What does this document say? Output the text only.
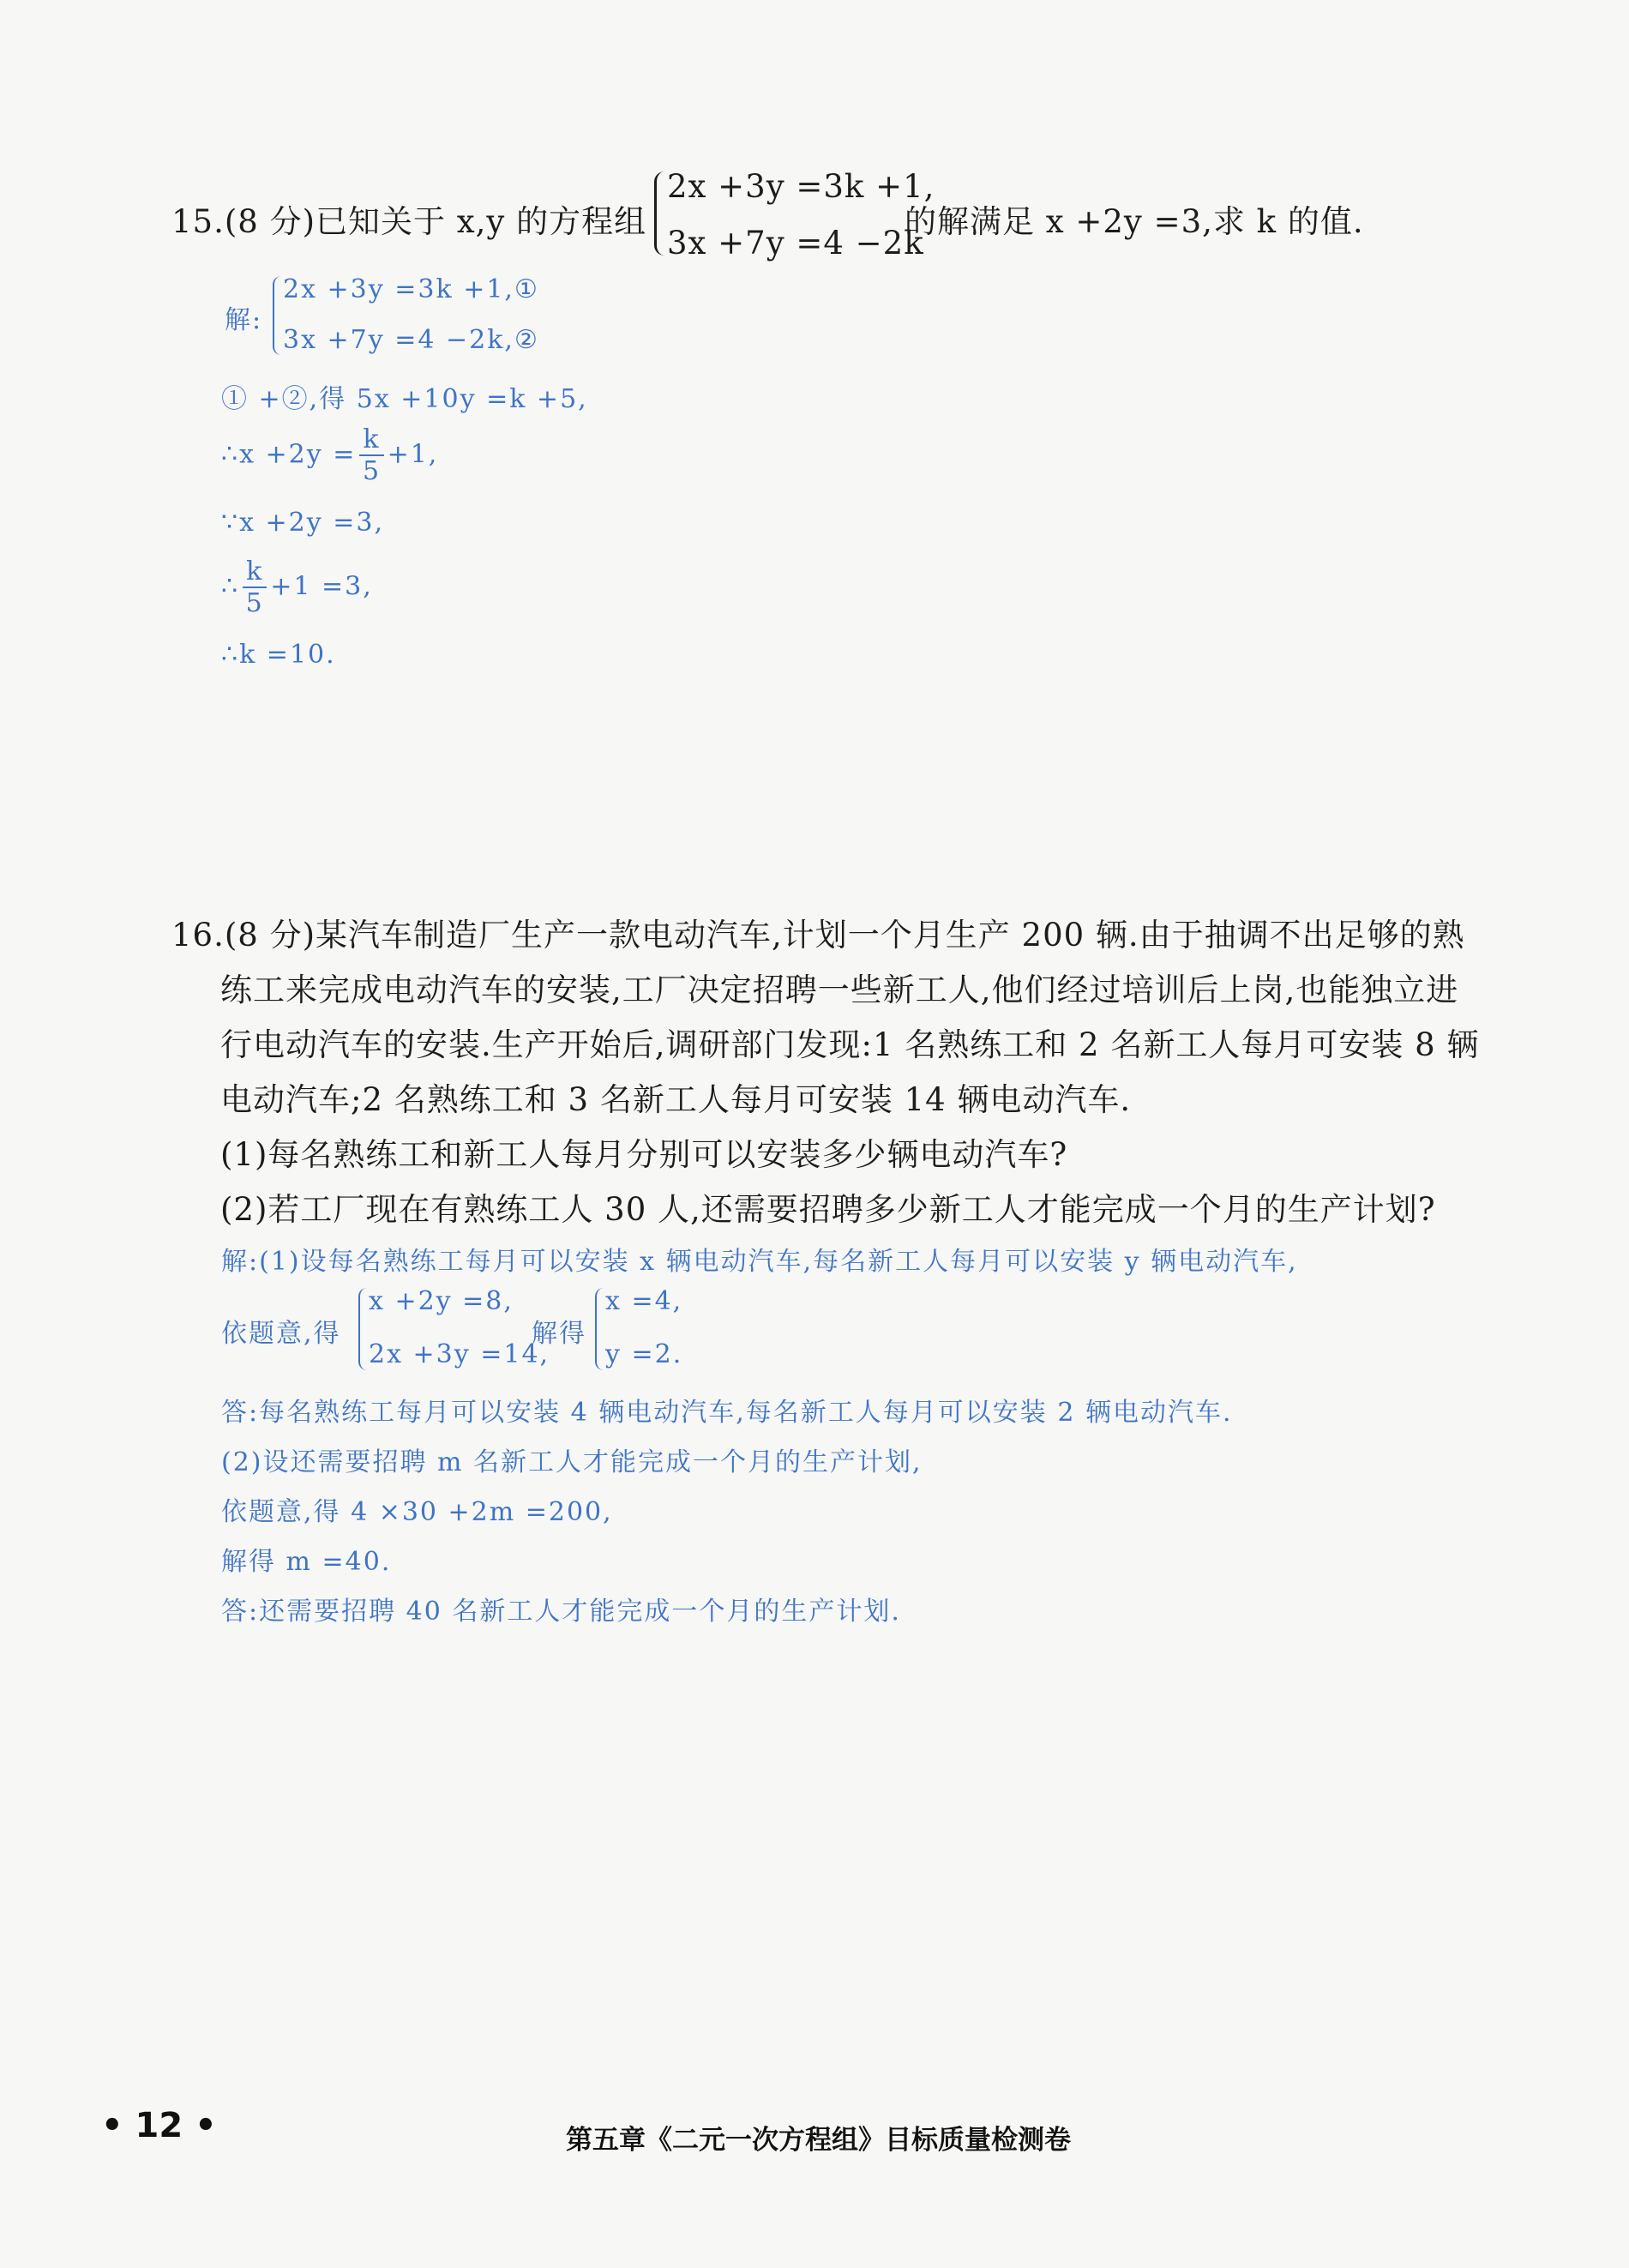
15.(8 分)已知关于 x,y 的方程组
2x +3y =3k +1,
3x +7y =4 −2k
的解满足 x +2y =3,求 k 的值.
解:
2x +3y =3k +1,①
3x +7y =4 −2k,②
① +②,得 5x +10y =k +5,
∴x $+2y = \frac{k}{5} +1$,
∵x +2y =3,
∴ $\frac{k}{5} +1 =3$,
∴k =10.
16.(8 分)某汽车制造厂生产一款电动汽车,计划一个月生产 200 辆.由于抽调不出足够的熟
练工来完成电动汽车的安装,工厂决定招聘一些新工人,他们经过培训后上岗,也能独立进
行电动汽车的安装.生产开始后,调研部门发现:1 名熟练工和 2 名新工人每月可安装 8 辆
电动汽车;2 名熟练工和 3 名新工人每月可安装 14 辆电动汽车.
(1)每名熟练工和新工人每月分别可以安装多少辆电动汽车?
(2)若工厂现在有熟练工人 30 人,还需要招聘多少新工人才能完成一个月的生产计划?
解:(1)设每名熟练工每月可以安装 x 辆电动汽车,每名新工人每月可以安装 y 辆电动汽车,
依题意,得
x +2y =8,
2x +3y =14,
解得
x =4,
y =2.
答:每名熟练工每月可以安装 4 辆电动汽车,每名新工人每月可以安装 2 辆电动汽车.
(2)设还需要招聘 m 名新工人才能完成一个月的生产计划,
依题意,得 4 ×30 +2m =200,
解得 m =40.
答:还需要招聘 40 名新工人才能完成一个月的生产计划.
• 12 •	第五章《二元一次方程组》目标质量检测卷
